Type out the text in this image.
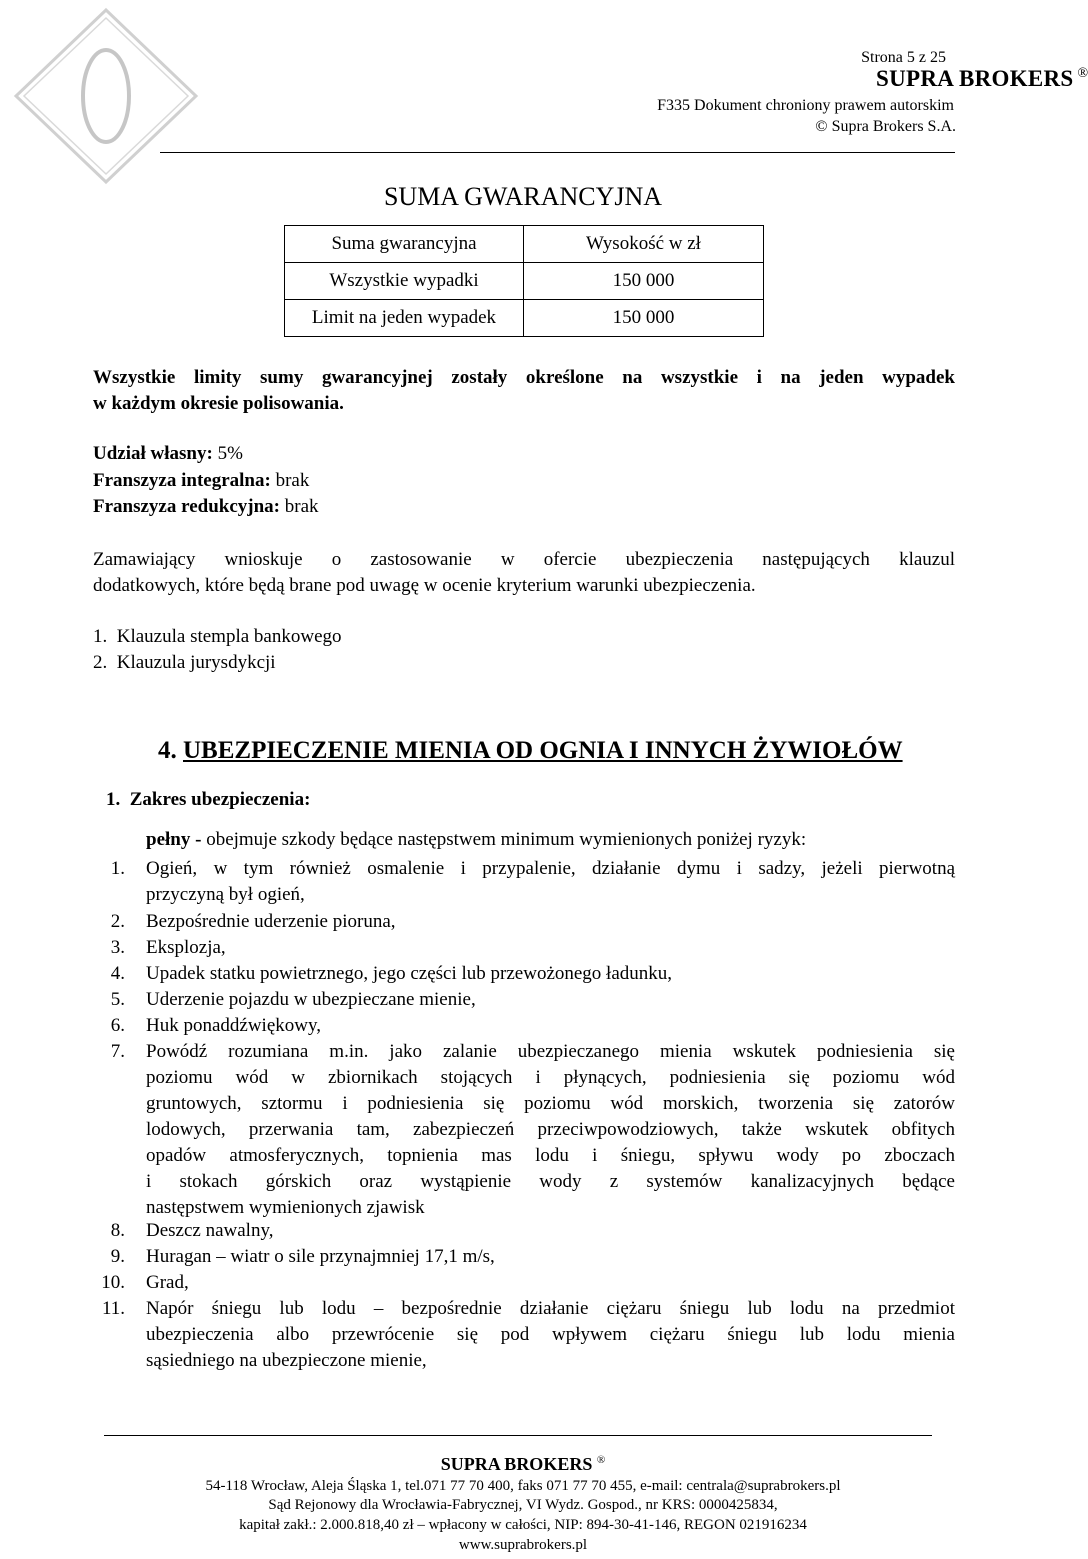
SUPRA BROKERS ®
Strona 5 z 25
F335 Dokument chroniony prawem autorskim
© Supra Brokers S.A.
SUMA GWARANCYJNA
Suma gwarancyjna	Wysokość w zł
Wszystkie wypadki	150 000
Limit na jeden wypadek	150 000
Wszystkie limity sumy gwarancyjnej zostały określone na wszystkie i na jeden wypadek
w każdym okresie polisowania.
Udział własny: 5%
Franszyza integralna: brak
Franszyza redukcyjna: brak
Zamawiający wnioskuje o zastosowanie w ofercie ubezpieczenia następujących klauzul
dodatkowych, które będą brane pod uwagę w ocenie kryterium warunki ubezpieczenia.
1.  Klauzula stempla bankowego
2.  Klauzula jurysdykcji
4. UBEZPIECZENIE MIENIA OD OGNIA I INNYCH ŻYWIOŁÓW
1.  Zakres ubezpieczenia:
pełny - obejmuje szkody będące następstwem minimum wymienionych poniżej ryzyk:
1. Ogień, w tym również osmalenie i przypalenie, działanie dymu i sadzy, jeżeli pierwotną
przyczyną był ogień,
2. Bezpośrednie uderzenie pioruna,
3. Eksplozja,
4. Upadek statku powietrznego, jego części lub przewożonego ładunku,
5. Uderzenie pojazdu w ubezpieczane mienie,
6. Huk ponaddźwiękowy,
7. Powódź rozumiana m.in. jako zalanie ubezpieczanego mienia wskutek podniesienia się
poziomu wód w zbiornikach stojących i płynących, podniesienia się poziomu wód
gruntowych, sztormu i podniesienia się poziomu wód morskich, tworzenia się zatorów
lodowych, przerwania tam, zabezpieczeń przeciwpowodziowych, także wskutek obfitych
opadów atmosferycznych, topnienia mas lodu i śniegu, spływu wody po zboczach
i stokach górskich oraz wystąpienie wody z systemów kanalizacyjnych będące
następstwem wymienionych zjawisk
8. Deszcz nawalny,
9. Huragan – wiatr o sile przynajmniej 17,1 m/s,
10. Grad,
11. Napór śniegu lub lodu – bezpośrednie działanie ciężaru śniegu lub lodu na przedmiot
ubezpieczenia albo przewrócenie się pod wpływem ciężaru śniegu lub lodu mienia
sąsiedniego na ubezpieczone mienie,
SUPRA BROKERS ®
54-118 Wrocław, Aleja Śląska 1, tel.071 77 70 400, faks 071 77 70 455, e-mail: centrala@suprabrokers.pl
Sąd Rejonowy dla Wrocławia-Fabrycznej, VI Wydz. Gospod., nr KRS: 0000425834,
kapitał zakł.: 2.000.818,40 zł – wpłacony w całości, NIP: 894-30-41-146, REGON 021916234
www.suprabrokers.pl
